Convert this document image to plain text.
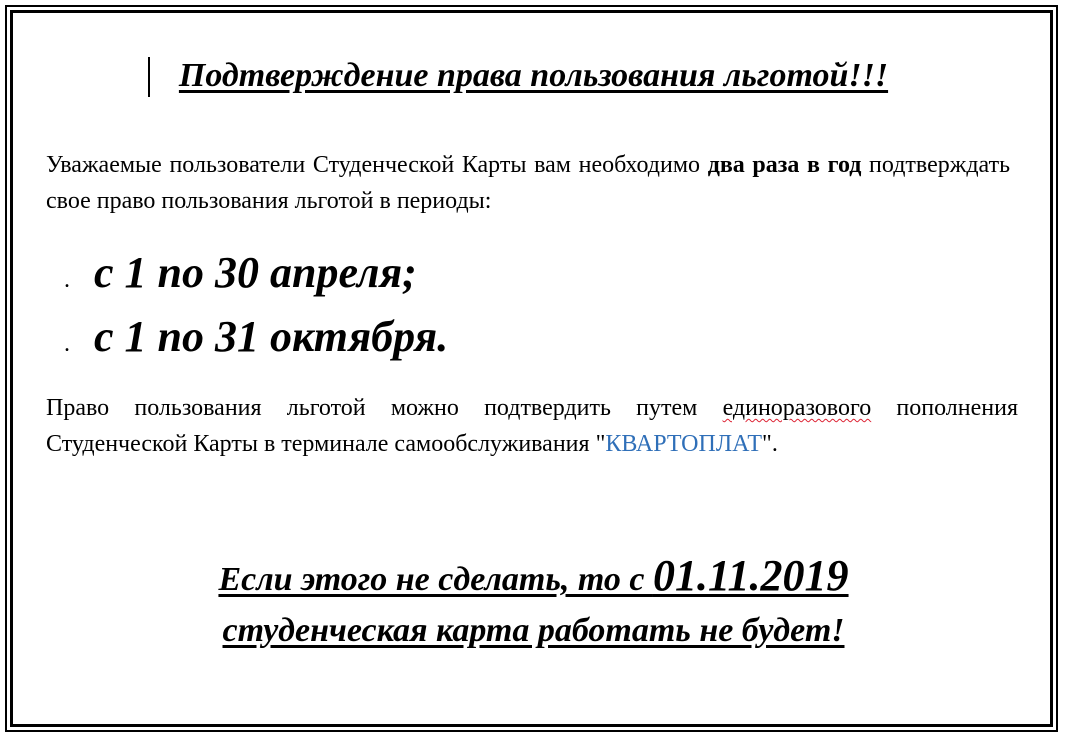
Подтверждение права пользования льготой!!!
Уважаемые пользователи Студенческой Карты вам необходимо два раза в год подтверждать свое право пользования льготой в периоды:
. с 1 по 30 апреля;
. с 1 по 31 октября.
Право пользования льготой можно подтвердить путем единоразового пополнения Студенческой Карты в терминале самообслуживания "КВАРТОПЛАТ".
Если этого не сделать, то с 01.11.2019
студенческая карта работать не будет!
